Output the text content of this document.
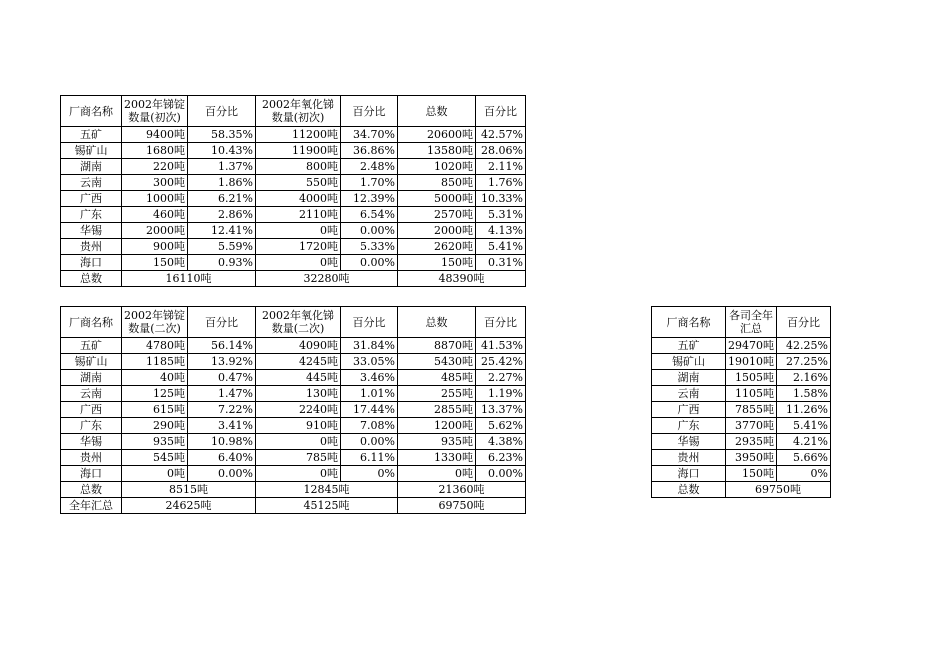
厂商名称	2002年锑锭数量(初次)	百分比	2002年氧化锑数量(初次)	百分比	总数	百分比
五矿	9400吨	58.35%	11200吨	34.70%	20600吨	42.57%
锡矿山	1680吨	10.43%	11900吨	36.86%	13580吨	28.06%
湖南	220吨	1.37%	800吨	2.48%	1020吨	2.11%
云南	300吨	1.86%	550吨	1.70%	850吨	1.76%
广西	1000吨	6.21%	4000吨	12.39%	5000吨	10.33%
广东	460吨	2.86%	2110吨	6.54%	2570吨	5.31%
华锡	2000吨	12.41%	0吨	0.00%	2000吨	4.13%
贵州	900吨	5.59%	1720吨	5.33%	2620吨	5.41%
海口	150吨	0.93%	0吨	0.00%	150吨	0.31%
总数	16110吨		32280吨		48390吨	
厂商名称	2002年锑锭数量(二次)	百分比	2002年氧化锑数量(二次)	百分比	总数	百分比
五矿	4780吨	56.14%	4090吨	31.84%	8870吨	41.53%
锡矿山	1185吨	13.92%	4245吨	33.05%	5430吨	25.42%
湖南	40吨	0.47%	445吨	3.46%	485吨	2.27%
云南	125吨	1.47%	130吨	1.01%	255吨	1.19%
广西	615吨	7.22%	2240吨	17.44%	2855吨	13.37%
广东	290吨	3.41%	910吨	7.08%	1200吨	5.62%
华锡	935吨	10.98%	0吨	0.00%	935吨	4.38%
贵州	545吨	6.40%	785吨	6.11%	1330吨	6.23%
海口	0吨	0.00%	0吨	0%	0吨	0.00%
总数	8515吨		12845吨		21360吨	
全年汇总	24625吨		45125吨		69750吨	
厂商名称	各司全年汇总	百分比
五矿	29470吨	42.25%
锡矿山	19010吨	27.25%
湖南	1505吨	2.16%
云南	1105吨	1.58%
广西	7855吨	11.26%
广东	3770吨	5.41%
华锡	2935吨	4.21%
贵州	3950吨	5.66%
海口	150吨	0%
总数	69750吨	
